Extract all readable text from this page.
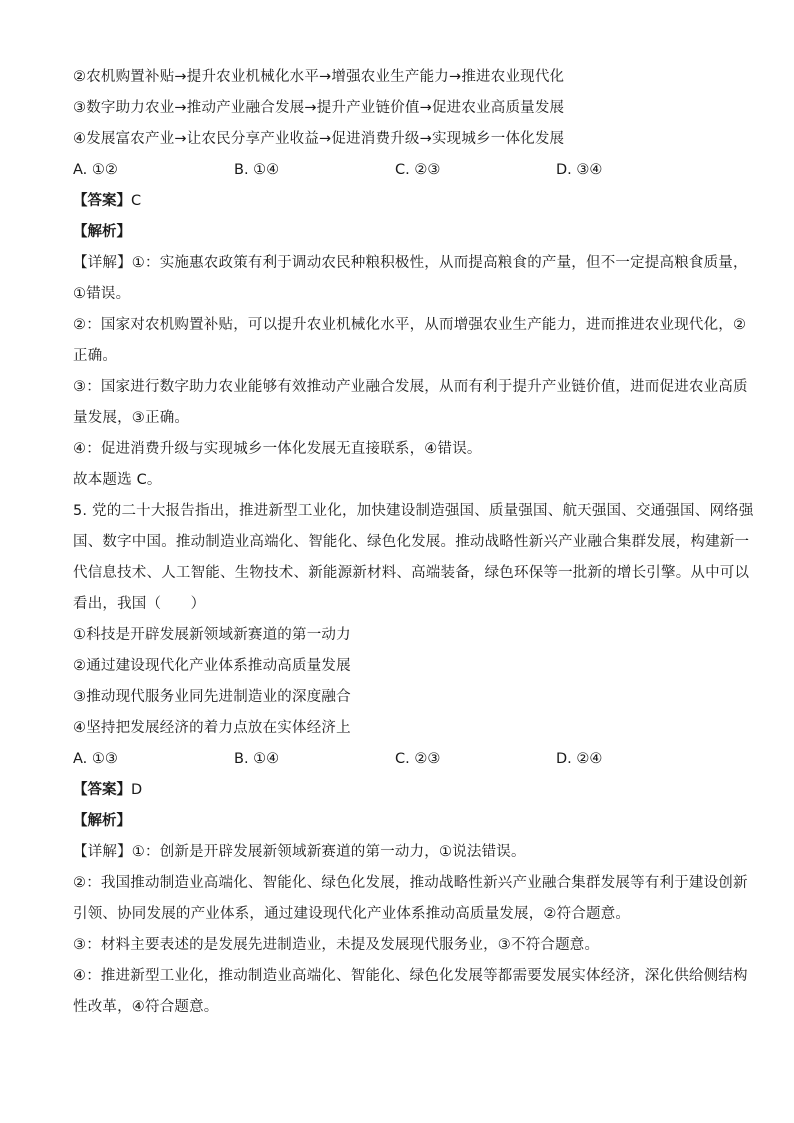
②农机购置补贴→提升农业机械化水平→增强农业生产能力→推进农业现代化
③数字助力农业→推动产业融合发展→提升产业链价值→促进农业高质量发展
④发展富农产业→让农民分享产业收益→促进消费升级→实现城乡一体化发展
A. ①②	B. ①④	C. ②③	D. ③④
【答案】C
【解析】
【详解】①：实施惠农政策有利于调动农民种粮积极性，从而提高粮食的产量，但不一定提高粮食质量，
①错误。
②：国家对农机购置补贴，可以提升农业机械化水平，从而增强农业生产能力，进而推进农业现代化，②
正确。
③：国家进行数字助力农业能够有效推动产业融合发展，从而有利于提升产业链价值，进而促进农业高质
量发展，③正确。
④：促进消费升级与实现城乡一体化发展无直接联系，④错误。
故本题选 C。
5. 党的二十大报告指出，推进新型工业化，加快建设制造强国、质量强国、航天强国、交通强国、网络强
国、数字中国。推动制造业高端化、智能化、绿色化发展。推动战略性新兴产业融合集群发展，构建新一
代信息技术、人工智能、生物技术、新能源新材料、高端装备，绿色环保等一批新的增长引擎。从中可以
看出，我国（　　）
①科技是开辟发展新领域新赛道的第一动力
②通过建设现代化产业体系推动高质量发展
③推动现代服务业同先进制造业的深度融合
④坚持把发展经济的着力点放在实体经济上
A. ①③	B. ①④	C. ②③	D. ②④
【答案】D
【解析】
【详解】①：创新是开辟发展新领域新赛道的第一动力，①说法错误。
②：我国推动制造业高端化、智能化、绿色化发展，推动战略性新兴产业融合集群发展等有利于建设创新
引领、协同发展的产业体系，通过建设现代化产业体系推动高质量发展，②符合题意。
③：材料主要表述的是发展先进制造业，未提及发展现代服务业，③不符合题意。
④：推进新型工业化，推动制造业高端化、智能化、绿色化发展等都需要发展实体经济，深化供给侧结构
性改革，④符合题意。
